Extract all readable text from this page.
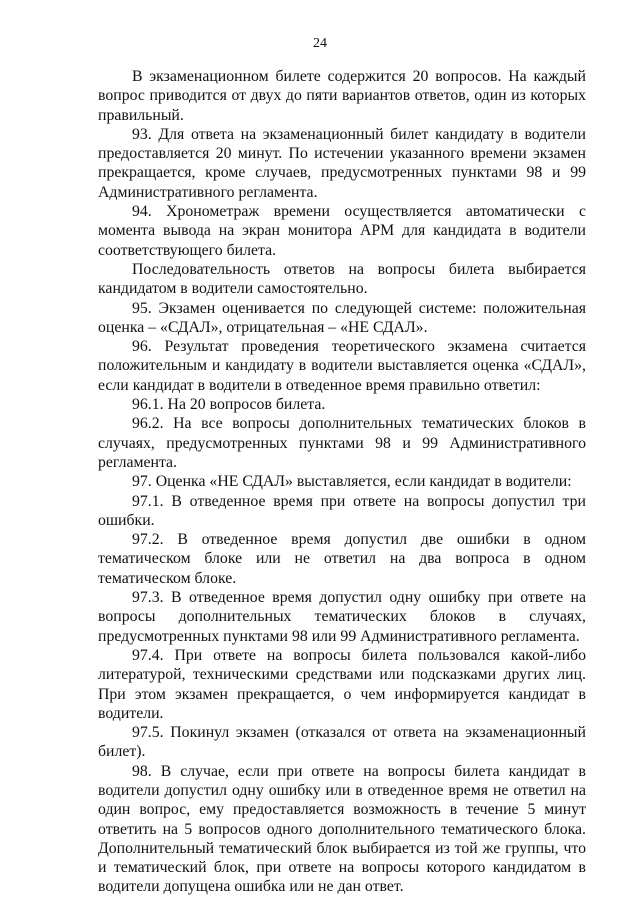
24

В экзаменационном билете содержится 20 вопросов. На каждый вопрос приводится от двух до пяти вариантов ответов, один из которых правильный.

93. Для ответа на экзаменационный билет кандидату в водители предоставляется 20 минут. По истечении указанного времени экзамен прекращается, кроме случаев, предусмотренных пунктами 98 и 99 Административного регламента.

94. Хронометраж времени осуществляется автоматически с момента вывода на экран монитора АРМ для кандидата в водители соответствующего билета.

Последовательность ответов на вопросы билета выбирается кандидатом в водители самостоятельно.

95. Экзамен оценивается по следующей системе: положительная оценка – «СДАЛ», отрицательная – «НЕ СДАЛ».

96. Результат проведения теоретического экзамена считается положительным и кандидату в водители выставляется оценка «СДАЛ», если кандидат в водители в отведенное время правильно ответил:

96.1. На 20 вопросов билета.

96.2. На все вопросы дополнительных тематических блоков в случаях, предусмотренных пунктами 98 и 99 Административного регламента.

97. Оценка «НЕ СДАЛ» выставляется, если кандидат в водители:

97.1. В отведенное время при ответе на вопросы допустил три ошибки.

97.2. В отведенное время допустил две ошибки в одном тематическом блоке или не ответил на два вопроса в одном тематическом блоке.

97.3. В отведенное время допустил одну ошибку при ответе на вопросы дополнительных тематических блоков в случаях, предусмотренных пунктами 98 или 99 Административного регламента.

97.4. При ответе на вопросы билета пользовался какой-либо литературой, техническими средствами или подсказками других лиц. При этом экзамен прекращается, о чем информируется кандидат в водители.

97.5. Покинул экзамен (отказался от ответа на экзаменационный билет).

98. В случае, если при ответе на вопросы билета кандидат в водители допустил одну ошибку или в отведенное время не ответил на один вопрос, ему предоставляется возможность в течение 5 минут ответить на 5 вопросов одного дополнительного тематического блока. Дополнительный тематический блок выбирается из той же группы, что и тематический блок, при ответе на вопросы которого кандидатом в водители допущена ошибка или не дан ответ.
